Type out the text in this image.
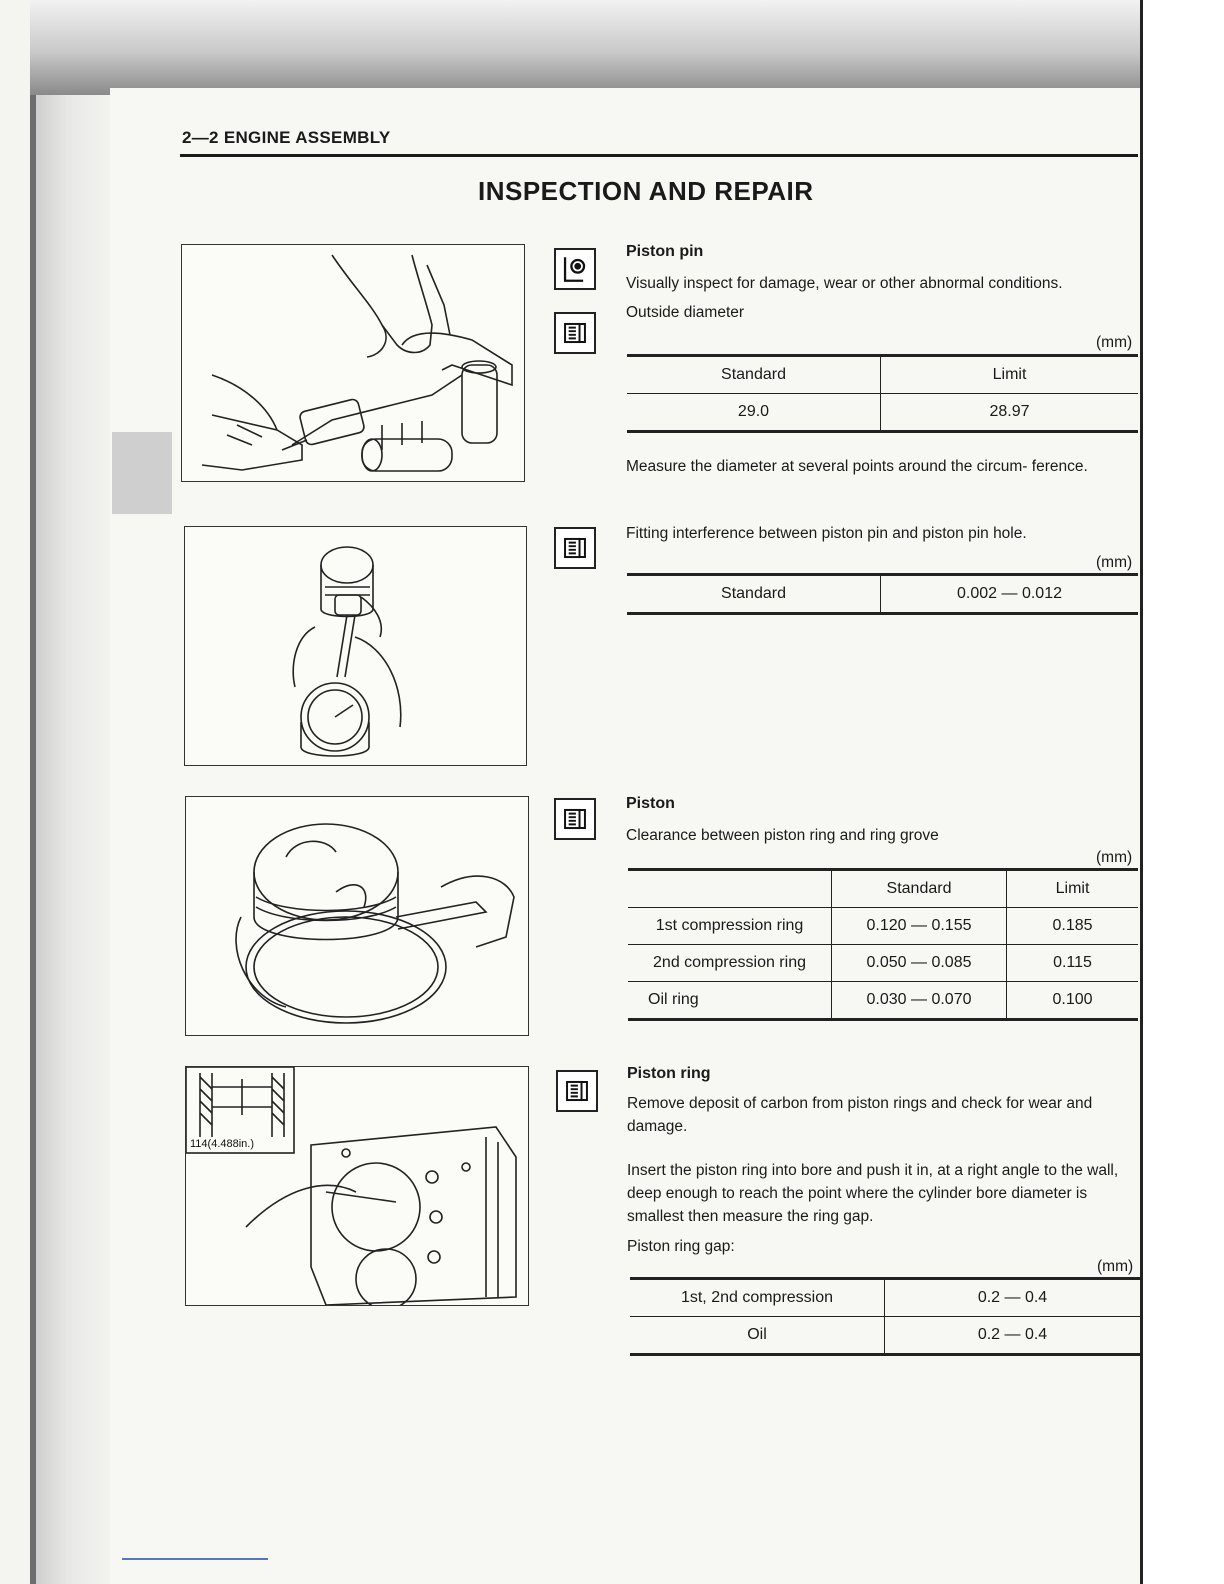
2—2 ENGINE ASSEMBLY
INSPECTION AND REPAIR
114(4.488in.)
Piston pin
Visually inspect for damage, wear or other abnormal conditions.
Outside diameter
(mm)
Standard	Limit
29.0	28.97
Measure the diameter at several points around the circum- ference.
Fitting interference between piston pin and piston pin hole.
(mm)
Standard	0.002 — 0.012
Piston
Clearance between piston ring and ring grove
(mm)
	Standard	Limit
1st compression ring	0.120 — 0.155	0.185
2nd compression ring	0.050 — 0.085	0.115
Oil ring	0.030 — 0.070	0.100
Piston ring
Remove deposit of carbon from piston rings and check for wear and damage.
Insert the piston ring into bore and push it in, at a right angle to the wall, deep enough to reach the point where the cylinder bore diameter is smallest then measure the ring gap.
Piston ring gap:
(mm)
1st, 2nd compression	0.2 — 0.4
Oil	0.2 — 0.4
